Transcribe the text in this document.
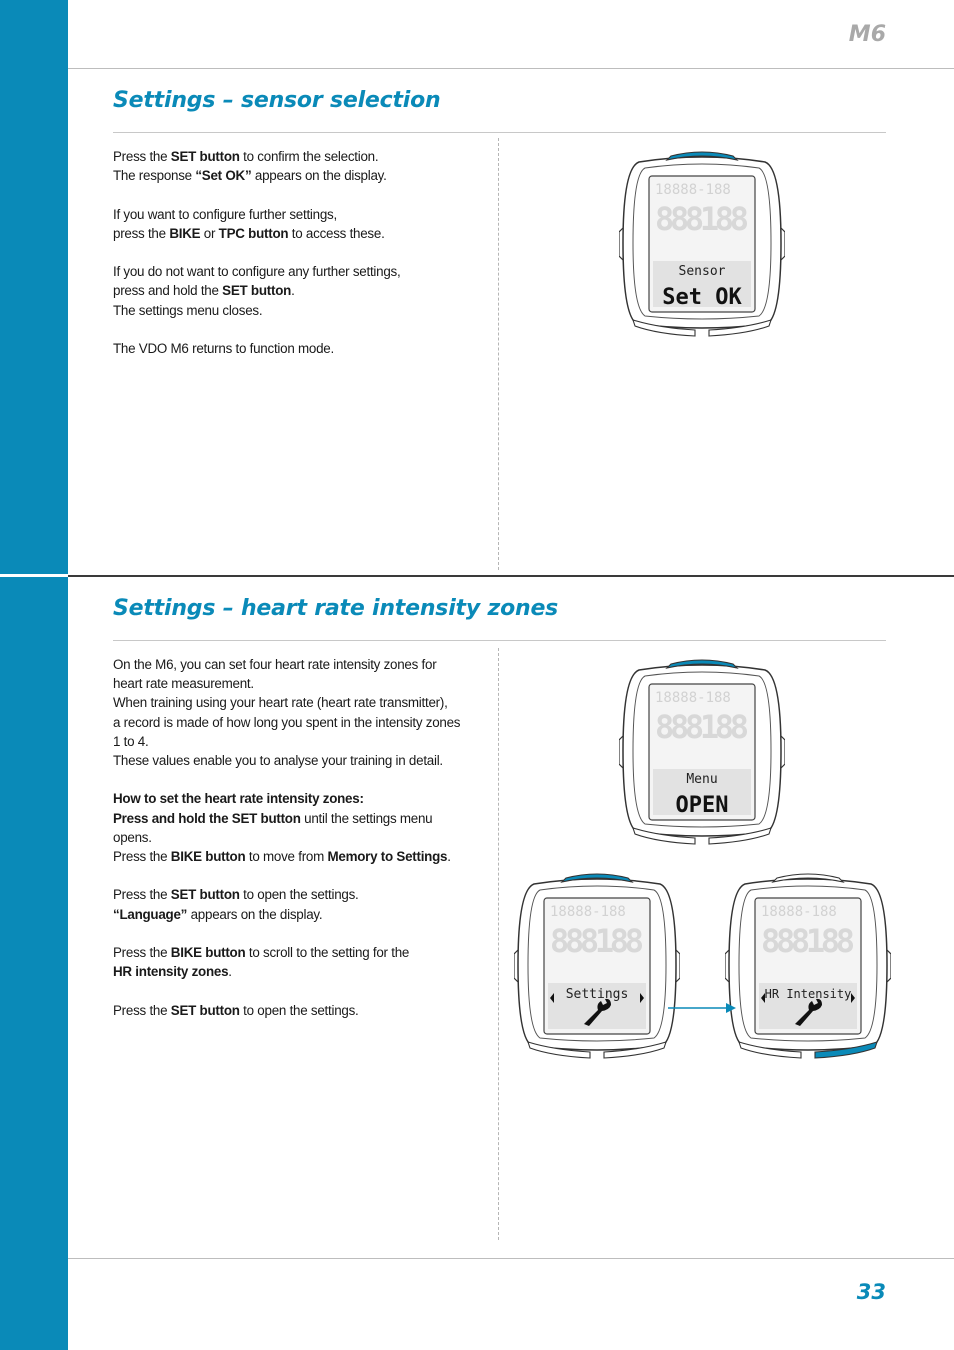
M6
Settings – sensor selection

Press the SET button to confirm the selection.

The response “Set OK” appears on the display.

If you want to configure further settings,

press the BIKE or TPC button to access these.

If you do not want to configure any further settings,

press and hold the SET button.

The settings menu closes.

The VDO M6 returns to function mode.

18888-188
888188
Sensor
Set OK
Settings – heart rate intensity zones

On the M6, you can set four heart rate intensity zones for

heart rate measurement.

When training using your heart rate (heart rate transmitter),

a record is made of how long you spent in the intensity zones

1 to 4.

These values enable you to analyse your training in detail.

How to set the heart rate intensity zones:

Press and hold the SET button until the settings menu

opens.

Press the BIKE button to move from Memory to Settings.

Press the SET button to open the settings.

“Language” appears on the display.

Press the BIKE button to scroll to the setting for the

HR intensity zones.

Press the SET button to open the settings.

18888-188
888188
Menu
OPEN
18888-188
888188
Settings
18888-188
888188
HR Intensity
33
